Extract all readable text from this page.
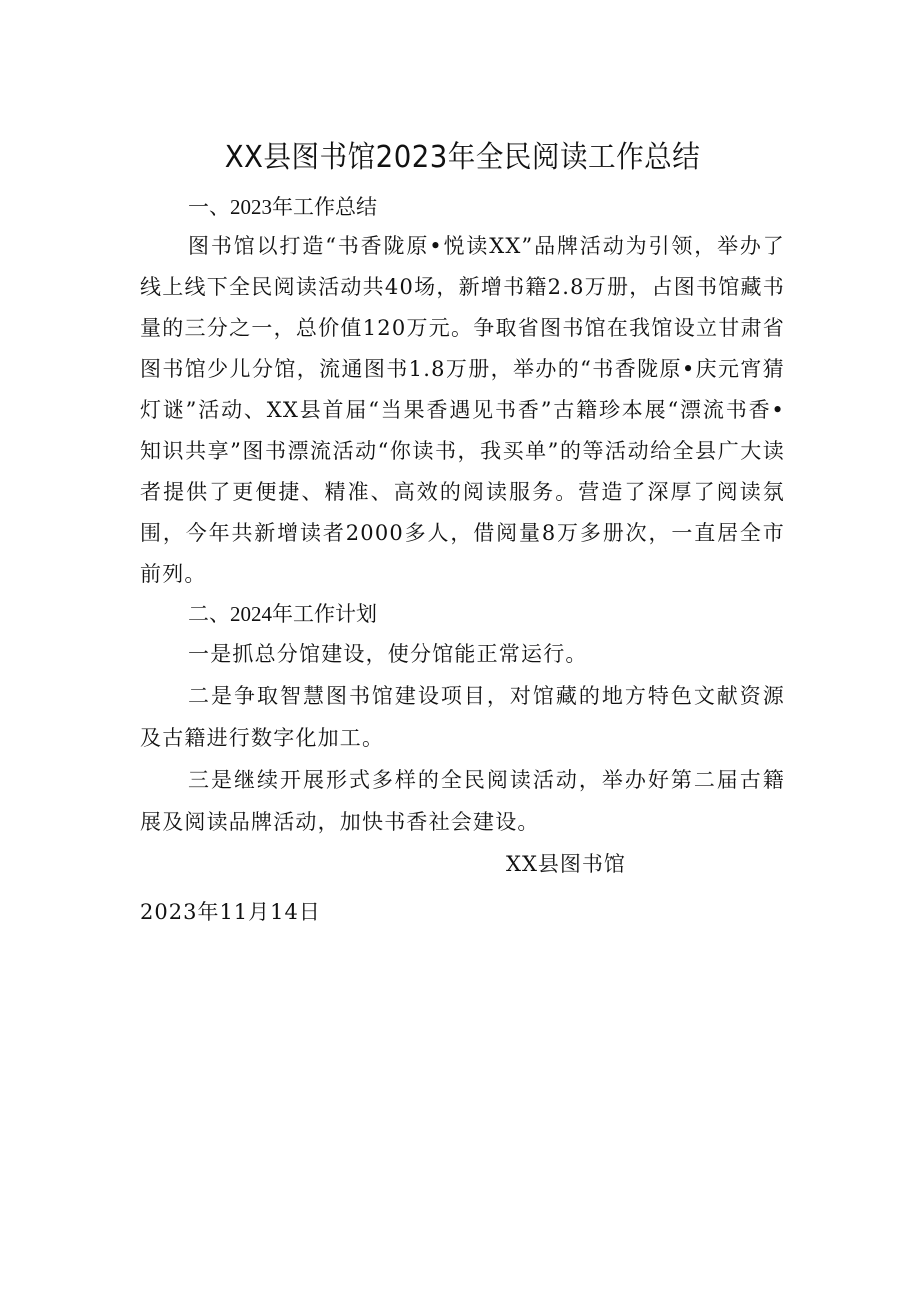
XX县图书馆2023年全民阅读工作总结
一、2023年工作总结

图书馆以打造“书香陇原•悦读XX”品牌活动为引领，举办了线上线下全民阅读活动共40场，新增书籍2.8万册，占图书馆藏书量的三分之一，总价值120万元。争取省图书馆在我馆设立甘肃省图书馆少儿分馆，流通图书1.8万册，举办的“书香陇原•庆元宵猜灯谜”活动、XX县首届“当果香遇见书香”古籍珍本展“漂流书香•知识共享”图书漂流活动“你读书，我买单”的等活动给全县广大读者提供了更便捷、精准、高效的阅读服务。营造了深厚了阅读氛围，今年共新增读者2000多人，借阅量8万多册次，一直居全市前列。

二、2024年工作计划

一是抓总分馆建设，使分馆能正常运行。

二是争取智慧图书馆建设项目，对馆藏的地方特色文献资源及古籍进行数字化加工。

三是继续开展形式多样的全民阅读活动，举办好第二届古籍展及阅读品牌活动，加快书香社会建设。

XX县图书馆

2023年11月14日
